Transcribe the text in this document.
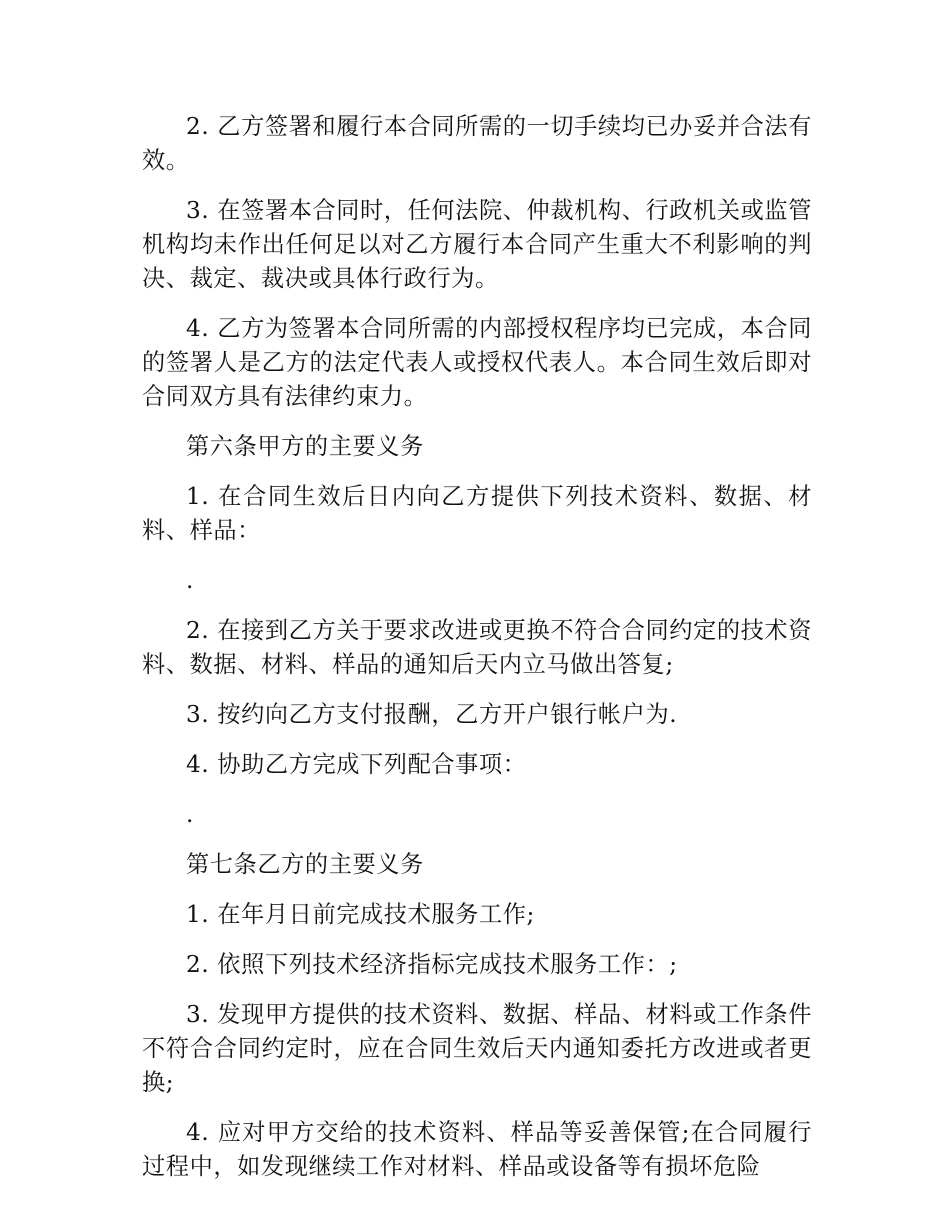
2. 乙方签署和履行本合同所需的一切手续均已办妥并合法有效。

3. 在签署本合同时，任何法院、仲裁机构、行政机关或监管机构均未作出任何足以对乙方履行本合同产生重大不利影响的判决、裁定、裁决或具体行政行为。

4. 乙方为签署本合同所需的内部授权程序均已完成，本合同的签署人是乙方的法定代表人或授权代表人。本合同生效后即对合同双方具有法律约束力。

第六条甲方的主要义务

1. 在合同生效后日内向乙方提供下列技术资料、数据、材料、样品：

.

2. 在接到乙方关于要求改进或更换不符合合同约定的技术资料、数据、材料、样品的通知后天内立马做出答复;

3. 按约向乙方支付报酬，乙方开户银行帐户为.

4. 协助乙方完成下列配合事项：

.

第七条乙方的主要义务

1. 在年月日前完成技术服务工作;

2. 依照下列技术经济指标完成技术服务工作：;

3. 发现甲方提供的技术资料、数据、样品、材料或工作条件不符合合同约定时，应在合同生效后天内通知委托方改进或者更换;

4. 应对甲方交给的技术资料、样品等妥善保管;在合同履行过程中，如发现继续工作对材料、样品或设备等有损坏危险
